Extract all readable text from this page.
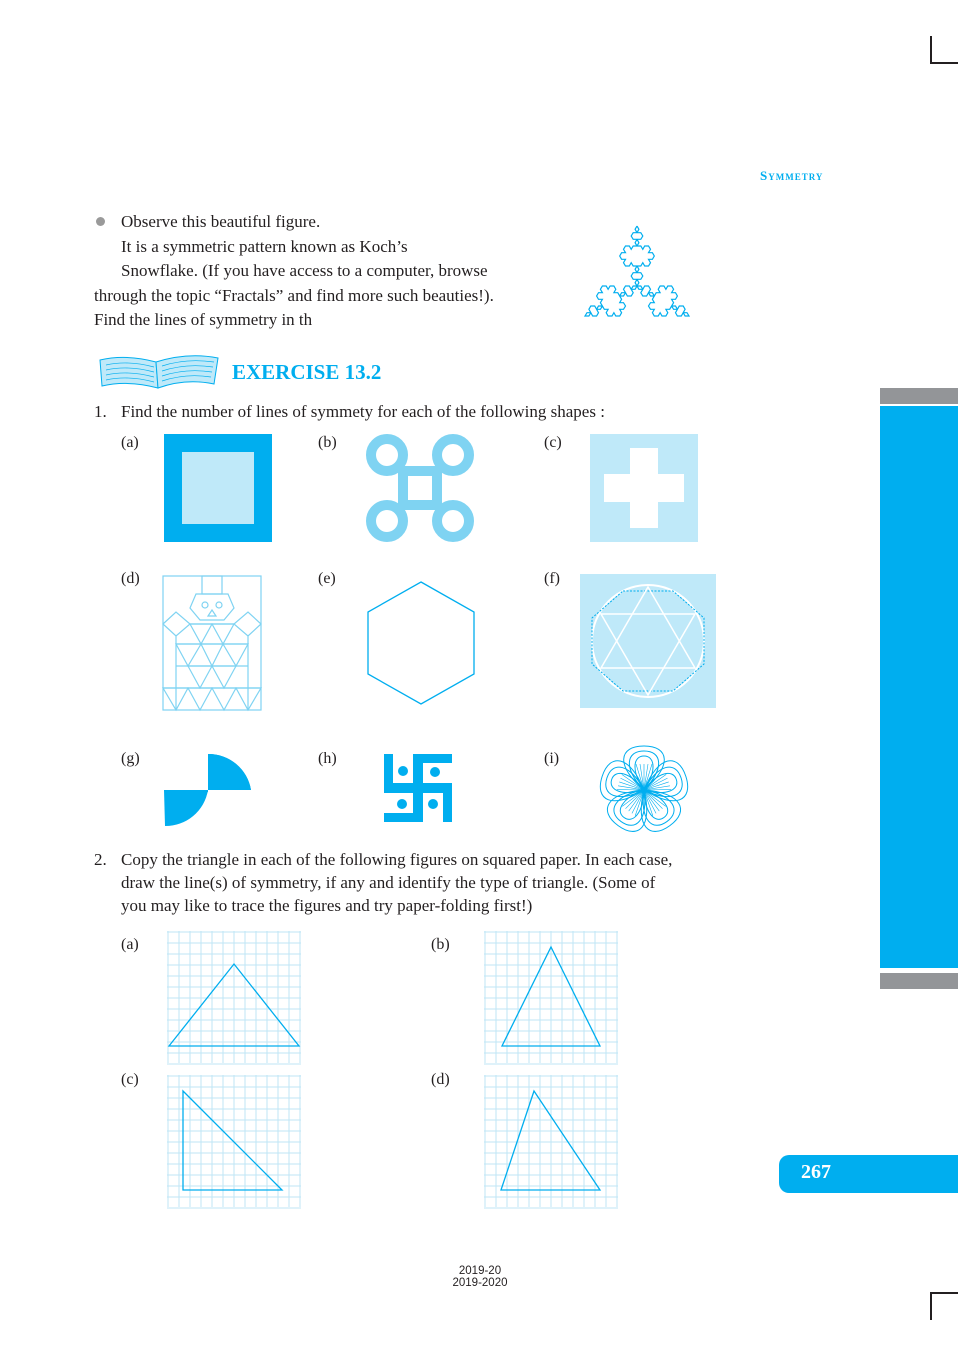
Symmetry
Observe this beautiful figure.
It is a symmetric pattern known as Koch’s
Snowflake. (If you have access to a computer, browse
through the topic “Fractals” and find more such beauties!).
Find the lines of symmetry in th
EXERCISE 13.2
1. Find the number of lines of symmety for each of the following shapes :
(a)	(b)	(c)
(d)	(e)	(f)
(g)	(h)	(i)
2. Copy the triangle in each of the following figures on squared paper. In each case,
draw the line(s) of symmetry, if any and identify the type of triangle. (Some of
you may like to trace the figures and try paper-folding first!)
(a)	(b)
(c)	(d)
267
2019-20
2019-2020
